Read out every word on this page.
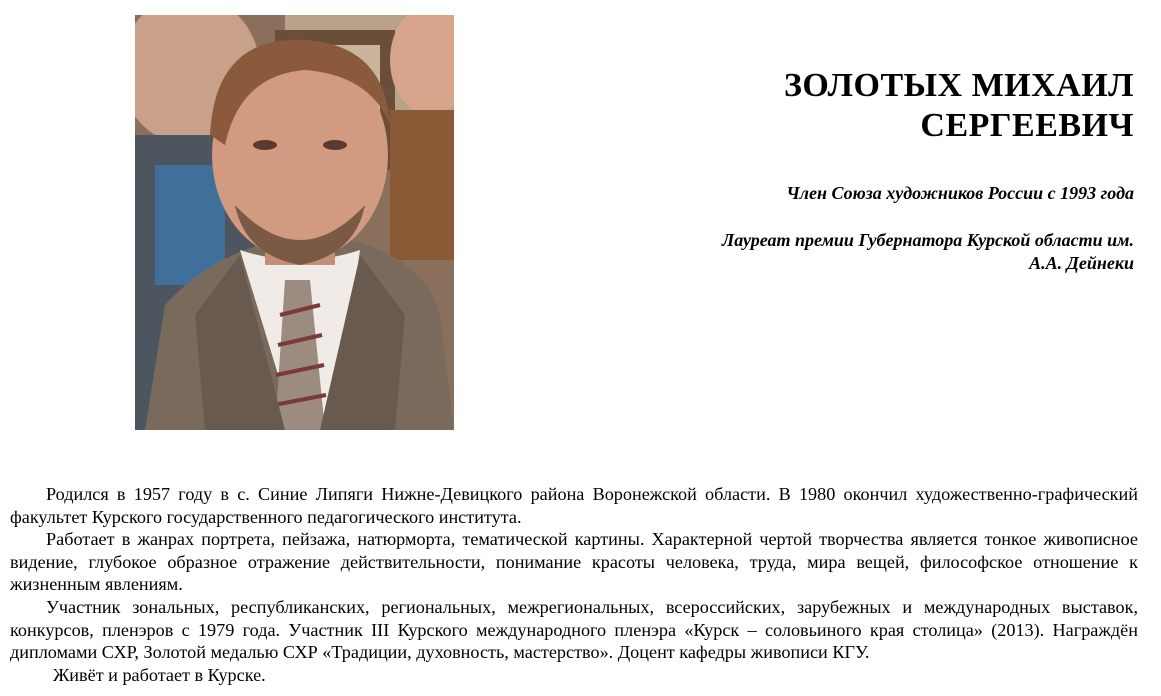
ЗОЛОТЫХ МИХАИЛ
СЕРГЕЕВИЧ

Член Союза художников России с 1993 года

Лауреат премии Губернатора Курской области им.
А.А. Дейнеки

Родился в 1957 году в с. Синие Липяги Нижне-Девицкого района Воронежской области. В 1980 окончил художественно-графический факультет Курского государственного педагогического института.

Работает в жанрах портрета, пейзажа, натюрморта, тематической картины. Характерной чертой творчества является тонкое живописное видение, глубокое образное отражение действительности, понимание красоты человека, труда, мира вещей, философское отношение к жизненным явлениям.

Участник зональных, республиканских, региональных, межрегиональных, всероссийских, зарубежных и международных выставок, конкурсов, пленэров с 1979 года. Участник III Курского международного пленэра «Курск – соловьиного края столица» (2013). Награждён дипломами СХР, Золотой медалью СХР «Традиции, духовность, мастерство». Доцент кафедры живописи КГУ.

Живёт и работает в Курске.
